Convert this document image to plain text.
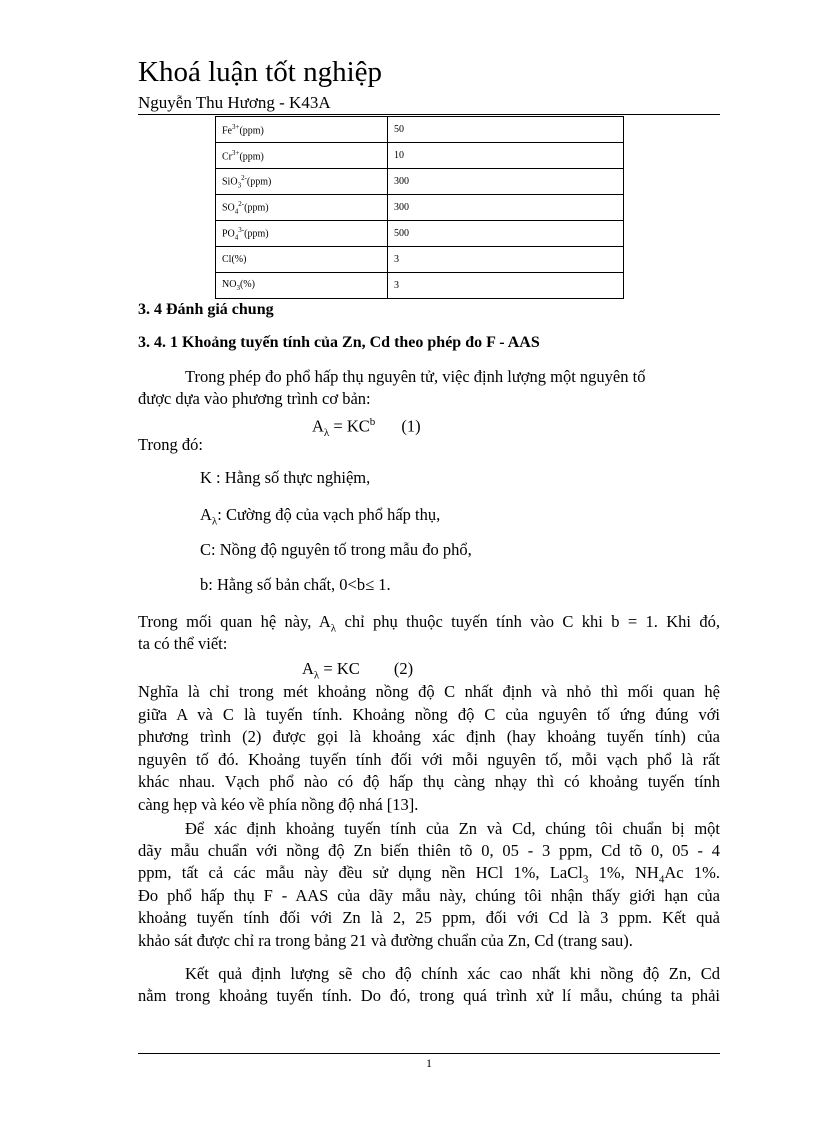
Khoá luận tốt nghiệp
Nguyễn Thu Hương - K43A
$Fe^{3+}(ppm)$	50
$Cr^{3+}(ppm)$	10
SiO$_3^{2-}$(ppm)	300
$SO_4^{2-}(ppm)$	300
$PO_4^{3-}(ppm)$	500
Cl(%)	3
$NO_3(\%)$	3
3. 4 Đánh giá chung
3. 4. 1 Khoảng tuyến tính của Zn, Cd theo phép đo F - AAS
Trong phép đo phổ hấp thụ nguyên tử, việc định lượng một nguyên tố
được dựa vào phương trình cơ bản:
$A_\lambda = KC^b$ (1)
Trong đó:
K : Hằng số thực nghiệm,
$A_\lambda$: Cường độ của vạch phổ hấp thụ,
C: Nồng độ nguyên tố trong mẫu đo phổ,
b: Hằng số bản chất, 0<b≤ 1.
Trong mối quan hệ này, $A_\lambda$ chỉ phụ thuộc tuyến tính vào C khi b = 1. Khi đó,
ta có thể viết:
$A_\lambda$ = KC (2)
Nghĩa là chỉ trong mét khoảng nồng độ C nhất định và nhỏ thì mối quan hệ
giữa A và C là tuyến tính. Khoảng nồng độ C của nguyên tố ứng đúng với
phương trình (2) được gọi là khoảng xác định (hay khoảng tuyến tính) của
nguyên tố đó. Khoảng tuyến tính đối với mỗi nguyên tố, mỗi vạch phổ là rất
khác nhau. Vạch phổ nào có độ hấp thụ càng nhạy thì có khoảng tuyến tính
càng hẹp và kéo về phía nồng độ nhá [13].
Để xác định khoảng tuyến tính của Zn và Cd, chúng tôi chuẩn bị một
dãy mẫu chuẩn với nồng độ Zn biến thiên tõ 0, 05 - 3 ppm, Cd tõ 0, 05 - 4
ppm, tất cả các mẫu này đều sử dụng nền HCl 1%, LaCl$_3$ 1%, $NH_4Ac$ 1%.
Đo phổ hấp thụ F - AAS của dãy mẫu này, chúng tôi nhận thấy giới hạn của
khoảng tuyến tính đối với Zn là 2, 25 ppm, đối với Cd là 3 ppm. Kết quả
khảo sát được chỉ ra trong bảng 21 và đường chuẩn của Zn, Cd (trang sau).
Kết quả định lượng sẽ cho độ chính xác cao nhất khi nồng độ Zn, Cd
nằm trong khoảng tuyến tính. Do đó, trong quá trình xử lí mẫu, chúng ta phải
1
